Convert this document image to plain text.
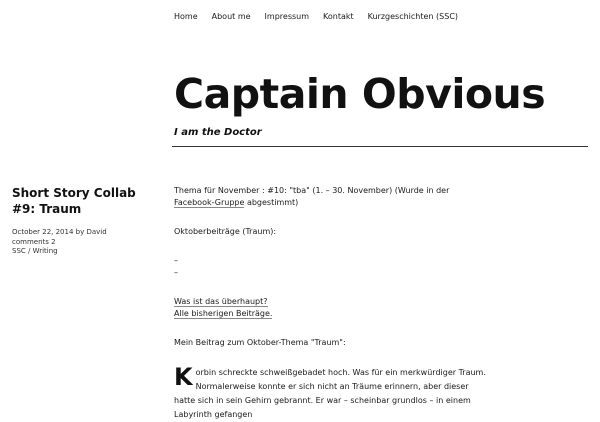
Home About me Impressum Kontakt Kurzgeschichten (SSC)
Captain Obvious

I am the Doctor

Short Story Collab #9: Traum
October 22, 2014 by David
comments 2
SSC / Writing

Thema für November : #10: "tba" (1. – 30. November) (Wurde in der Facebook-Gruppe abgestimmt)

Oktoberbeiträge (Traum):

–

–

Was ist das überhaupt?

Alle bisherigen Beiträge.

Mein Beitrag zum Oktober-Thema "Traum":

Korbin schreckte schweißgebadet hoch. Was für ein merkwürdiger Traum. Normalerweise konnte er sich nicht an Träume erinnern, aber dieser hatte sich in sein Gehirn gebrannt. Er war – scheinbar grundlos – in einem Labyrinth gefangen
